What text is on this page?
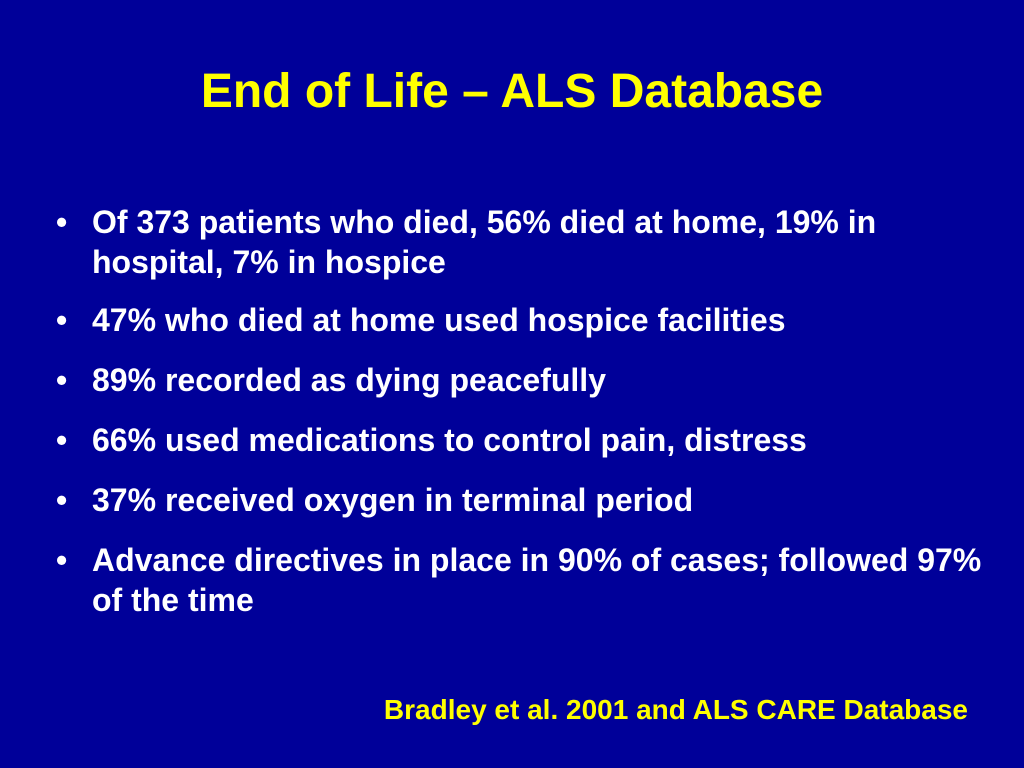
End of Life – ALS Database
• Of 373 patients who died, 56% died at home, 19% in hospital, 7% in hospice
• 47% who died at home used hospice facilities
• 89% recorded as dying peacefully
• 66% used medications to control pain, distress
• 37% received oxygen in terminal period
• Advance directives in place in 90% of cases; followed 97% of the time
Bradley et al. 2001 and ALS CARE Database
